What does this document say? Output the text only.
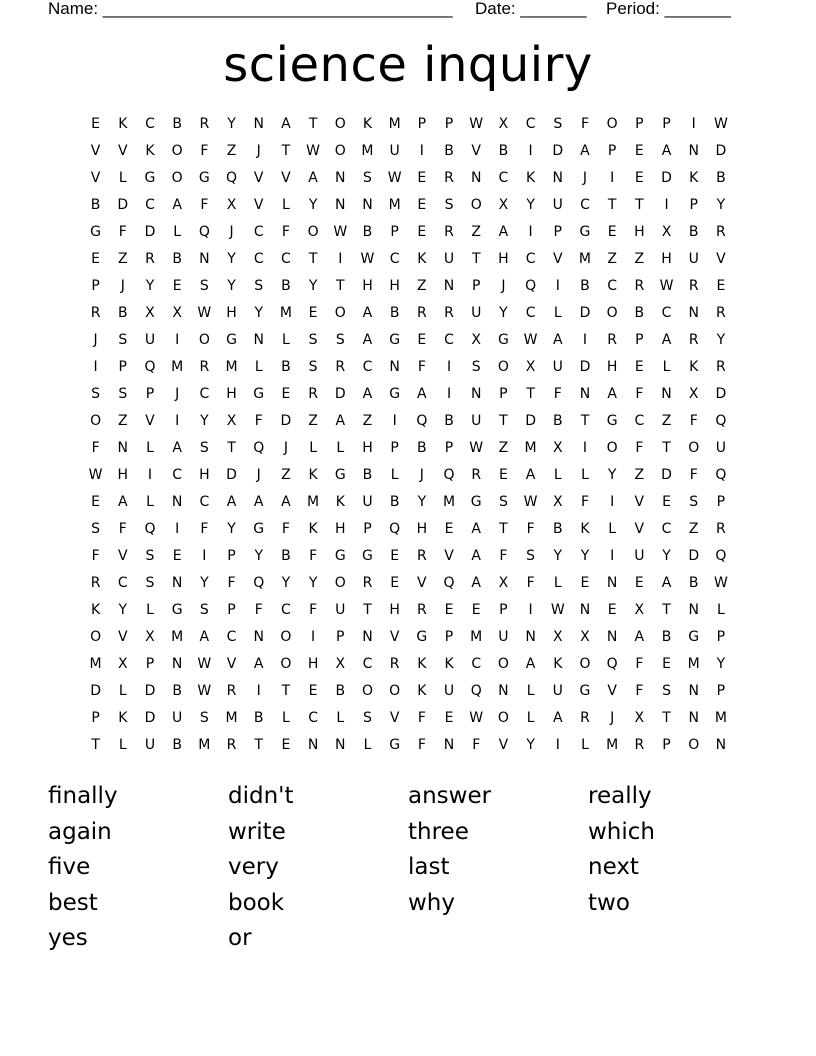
Name: _____________________________________ Date: _______ Period: _______
science inquiry
E	K	C	B	R	Y	N	A	T	O	K	M	P	P	W	X	C	S	F	O	P	P	I	W
V	V	K	O	F	Z	J	T	W	O	M	U	I	B	V	B	I	D	A	P	E	A	N	D
V	L	G	O	G	Q	V	V	A	N	S	W	E	R	N	C	K	N	J	I	E	D	K	B
B	D	C	A	F	X	V	L	Y	N	N	M	E	S	O	X	Y	U	C	T	T	I	P	Y
G	F	D	L	Q	J	C	F	O	W	B	P	E	R	Z	A	I	P	G	E	H	X	B	R
E	Z	R	B	N	Y	C	C	T	I	W	C	K	U	T	H	C	V	M	Z	Z	H	U	V
P	J	Y	E	S	Y	S	B	Y	T	H	H	Z	N	P	J	Q	I	B	C	R	W	R	E
R	B	X	X	W	H	Y	M	E	O	A	B	R	R	U	Y	C	L	D	O	B	C	N	R
J	S	U	I	O	G	N	L	S	S	A	G	E	C	X	G	W	A	I	R	P	A	R	Y
I	P	Q	M	R	M	L	B	S	R	C	N	F	I	S	O	X	U	D	H	E	L	K	R
S	S	P	J	C	H	G	E	R	D	A	G	A	I	N	P	T	F	N	A	F	N	X	D
O	Z	V	I	Y	X	F	D	Z	A	Z	I	Q	B	U	T	D	B	T	G	C	Z	F	Q
F	N	L	A	S	T	Q	J	L	L	H	P	B	P	W	Z	M	X	I	O	F	T	O	U
W	H	I	C	H	D	J	Z	K	G	B	L	J	Q	R	E	A	L	L	Y	Z	D	F	Q
E	A	L	N	C	A	A	A	M	K	U	B	Y	M	G	S	W	X	F	I	V	E	S	P
S	F	Q	I	F	Y	G	F	K	H	P	Q	H	E	A	T	F	B	K	L	V	C	Z	R
F	V	S	E	I	P	Y	B	F	G	G	E	R	V	A	F	S	Y	Y	I	U	Y	D	Q
R	C	S	N	Y	F	Q	Y	Y	O	R	E	V	Q	A	X	F	L	E	N	E	A	B	W
K	Y	L	G	S	P	F	C	F	U	T	H	R	E	E	P	I	W	N	E	X	T	N	L
O	V	X	M	A	C	N	O	I	P	N	V	G	P	M	U	N	X	X	N	A	B	G	P
M	X	P	N	W	V	A	O	H	X	C	R	K	K	C	O	A	K	O	Q	F	E	M	Y
D	L	D	B	W	R	I	T	E	B	O	O	K	U	Q	N	L	U	G	V	F	S	N	P
P	K	D	U	S	M	B	L	C	L	S	V	F	E	W	O	L	A	R	J	X	T	N	M
T	L	U	B	M	R	T	E	N	N	L	G	F	N	F	V	Y	I	L	M	R	P	O	N
finally	didn't	answer	really
again	write	three	which
five	very	last	next
best	book	why	two
yes	or
